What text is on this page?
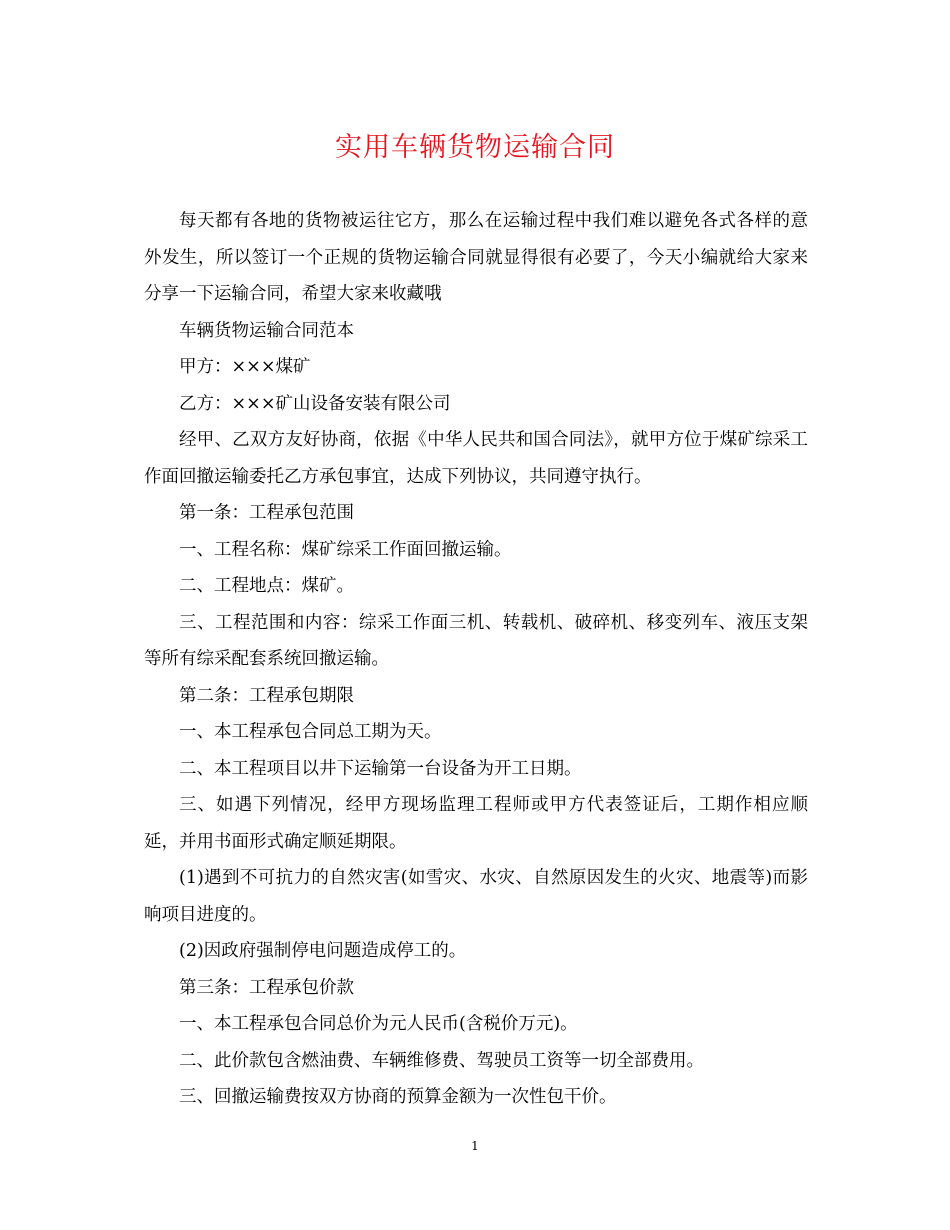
实用车辆货物运输合同

每天都有各地的货物被运往它方，那么在运输过程中我们难以避免各式各样的意外发生，所以签订一个正规的货物运输合同就显得很有必要了，今天小编就给大家来分享一下运输合同，希望大家来收藏哦

车辆货物运输合同范本

甲方：×××煤矿

乙方：×××矿山设备安装有限公司

经甲、乙双方友好协商，依据《中华人民共和国合同法》，就甲方位于煤矿综采工作面回撤运输委托乙方承包事宜，达成下列协议，共同遵守执行。

第一条：工程承包范围

一、工程名称：煤矿综采工作面回撤运输。

二、工程地点：煤矿。

三、工程范围和内容：综采工作面三机、转载机、破碎机、移变列车、液压支架等所有综采配套系统回撤运输。

第二条：工程承包期限

一、本工程承包合同总工期为天。

二、本工程项目以井下运输第一台设备为开工日期。

三、如遇下列情况，经甲方现场监理工程师或甲方代表签证后，工期作相应顺延，并用书面形式确定顺延期限。

(1)遇到不可抗力的自然灾害(如雪灾、水灾、自然原因发生的火灾、地震等)而影响项目进度的。

(2)因政府强制停电问题造成停工的。

第三条：工程承包价款

一、本工程承包合同总价为元人民币(含税价万元)。

二、此价款包含燃油费、车辆维修费、驾驶员工资等一切全部费用。

三、回撤运输费按双方协商的预算金额为一次性包干价。

1
